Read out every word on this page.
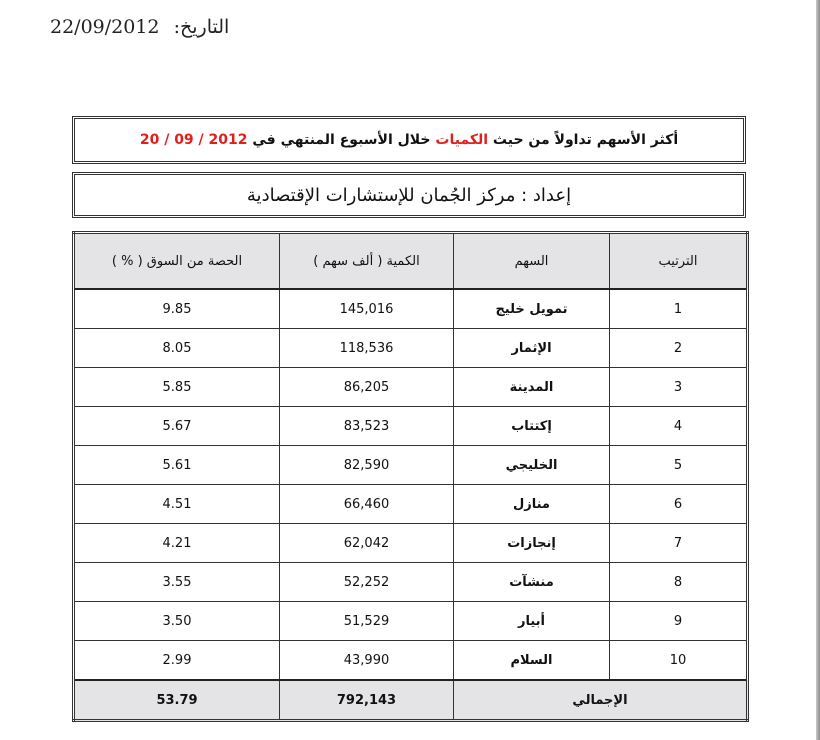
التاريخ: 22/09/2012
أكثر الأسهم تداولاً من حيث الكميات خلال الأسبوع المنتهي في 20 / 09 / 2012
إعداد : مركز الجُمان للإستشارات الإقتصادية
الحصة من السوق ( % )	الكمية ( ألف سهم )	السهم	الترتيب
9.85	145,016	تمويل خليج	1
8.05	118,536	الإثمار	2
5.85	86,205	المدينة	3
5.67	83,523	إكتتاب	4
5.61	82,590	الخليجي	5
4.51	66,460	منازل	6
4.21	62,042	إنجازات	7
3.55	52,252	منشآت	8
3.50	51,529	أبيار	9
2.99	43,990	السلام	10
53.79	792,143	الإجمالي	
